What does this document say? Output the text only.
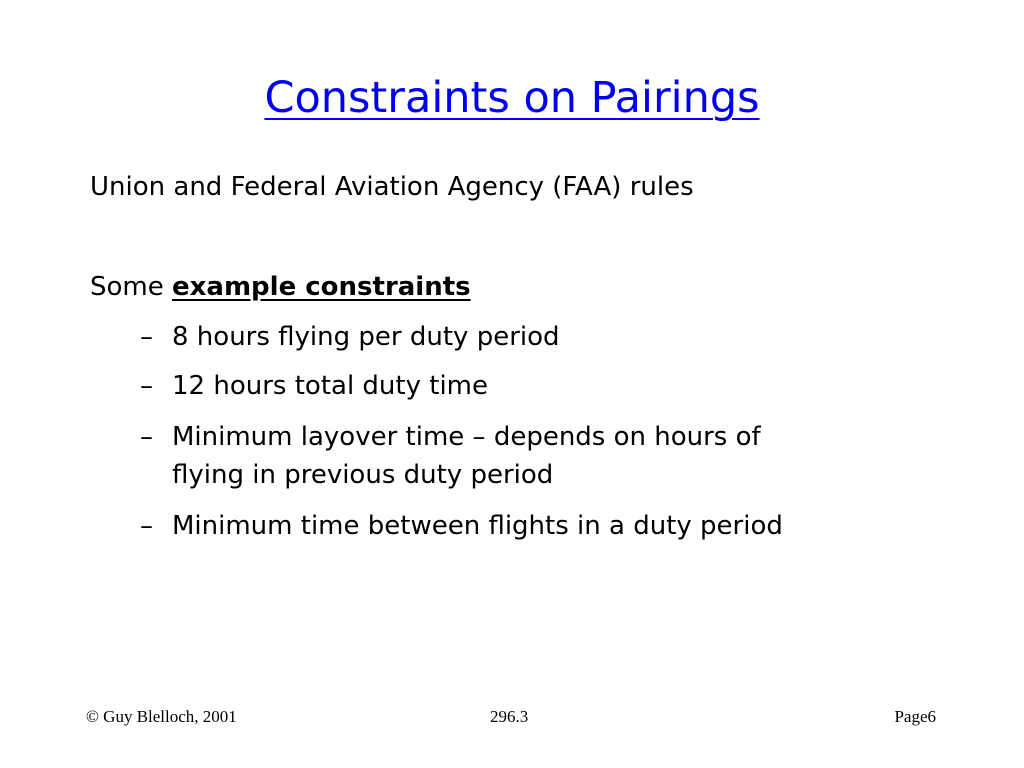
Constraints on Pairings
Union and Federal Aviation Agency (FAA) rules
Some example constraints
– 8 hours flying per duty period
– 12 hours total duty time
– Minimum layover time – depends on hours of
flying in previous duty period
– Minimum time between flights in a duty period
© Guy Blelloch, 2001	296.3	Page6
